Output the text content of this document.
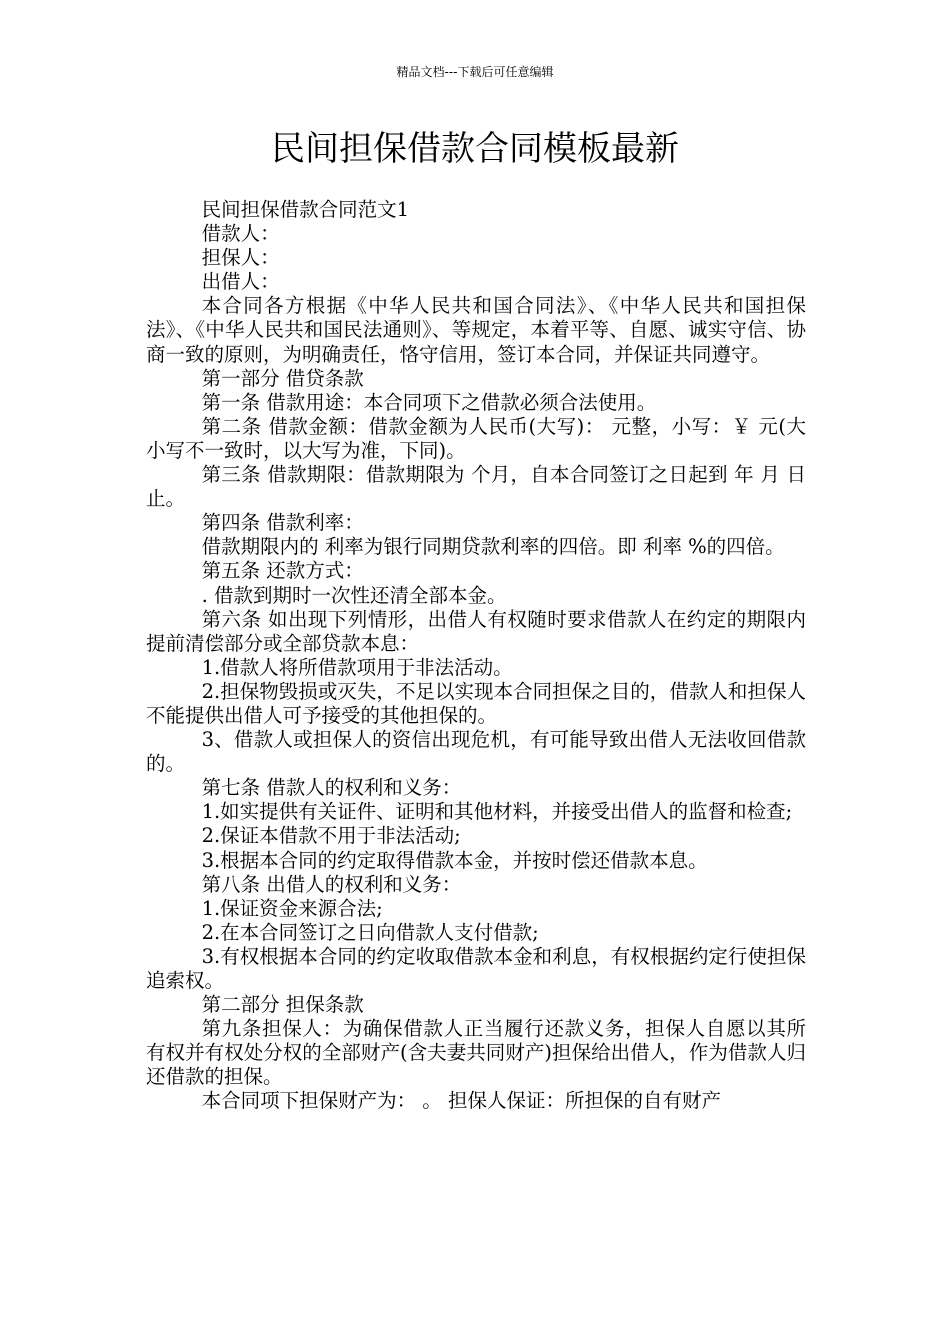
精品文档---下载后可任意编辑
民间担保借款合同模板最新

民间担保借款合同范文1

借款人：

担保人：

出借人：

本合同各方根据《中华人民共和国合同法》、《中华人民共和国担保法》、《中华人民共和国民法通则》、等规定，本着平等、自愿、诚实守信、协商一致的原则，为明确责任，恪守信用，签订本合同，并保证共同遵守。

第一部分 借贷条款

第一条 借款用途：本合同项下之借款必须合法使用。

第二条 借款金额：借款金额为人民币(大写)： 元整，小写：￥ 元(大小写不一致时，以大写为准，下同)。

第三条 借款期限：借款期限为 个月，自本合同签订之日起到 年 月 日止。

第四条 借款利率：

借款期限内的 利率为银行同期贷款利率的四倍。即 利率 %的四倍。

第五条 还款方式：

. 借款到期时一次性还清全部本金。

第六条 如出现下列情形，出借人有权随时要求借款人在约定的期限内提前清偿部分或全部贷款本息：

1.借款人将所借款项用于非法活动。

2.担保物毁损或灭失，不足以实现本合同担保之目的，借款人和担保人不能提供出借人可予接受的其他担保的。

3、借款人或担保人的资信出现危机，有可能导致出借人无法收回借款的。

第七条 借款人的权利和义务：

1.如实提供有关证件、证明和其他材料，并接受出借人的监督和检查;

2.保证本借款不用于非法活动;

3.根据本合同的约定取得借款本金，并按时偿还借款本息。

第八条 出借人的权利和义务：

1.保证资金来源合法;

2.在本合同签订之日向借款人支付借款;

3.有权根据本合同的约定收取借款本金和利息，有权根据约定行使担保追索权。

第二部分 担保条款

第九条担保人：为确保借款人正当履行还款义务，担保人自愿以其所有权并有权处分权的全部财产(含夫妻共同财产)担保给出借人，作为借款人归还借款的担保。

本合同项下担保财产为： 。 担保人保证：所担保的自有财产
